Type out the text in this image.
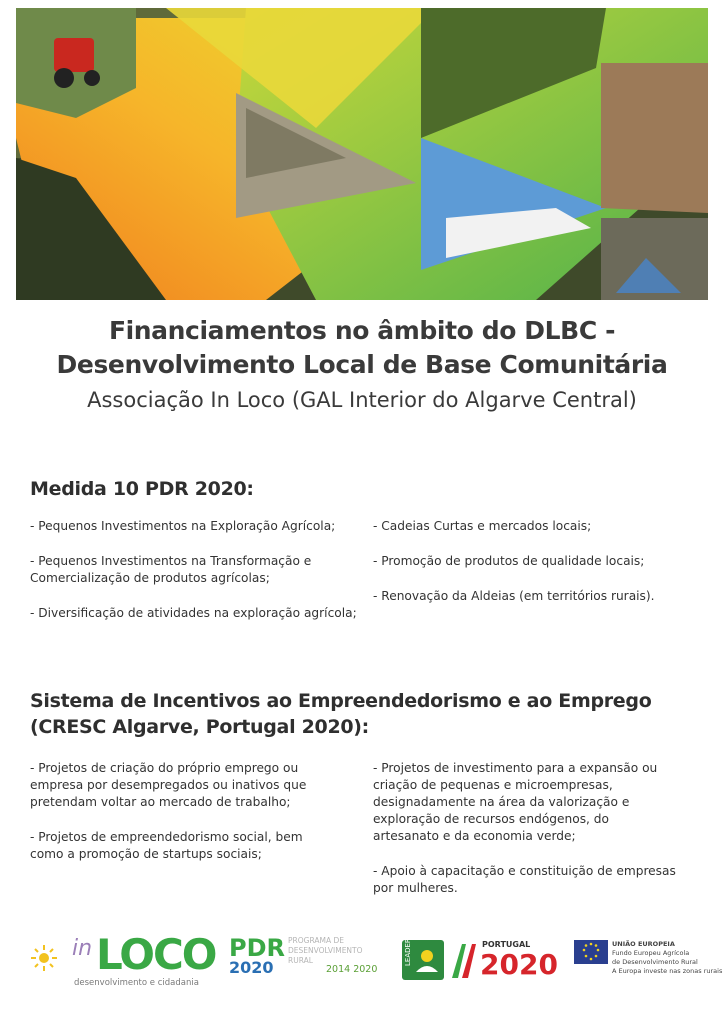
Financiamentos no âmbito do DLBC -
Desenvolvimento Local de Base Comunitária
Associação In Loco (GAL Interior do Algarve Central)
Medida 10 PDR 2020:
- Pequenos Investimentos na Exploração Agrícola;
- Pequenos Investimentos na Transformação e
Comercialização de produtos agrícolas;
- Diversificação de atividades na exploração agrícola;
- Cadeias Curtas e mercados locais;
- Promoção de produtos de qualidade locais;
- Renovação da Aldeias (em territórios rurais).
Sistema de Incentivos ao Empreendedorismo e ao Emprego
(CRESC Algarve, Portugal 2020):
- Projetos de criação do próprio emprego ou
empresa por desempregados ou inativos que
pretendam voltar ao mercado de trabalho;
- Projetos de empreendedorismo social, bem
como a promoção de startups sociais;
- Projetos de investimento para a expansão ou
criação de pequenas e microempresas,
designadamente na área da valorização e
exploração de recursos endógenos, do
artesanato e da economia verde;
- Apoio à capacitação e constituição de empresas
por mulheres.
in LOCO
desenvolvimento e cidadania
PDR
2020
PROGRAMA DE
DESENVOLVIMENTO
RURAL
2014 2020
LEADER	PORTUGAL
2020
UNIÃO EUROPEIA
Fundo Europeu Agrícola
de Desenvolvimento Rural
A Europa investe nas zonas rurais
